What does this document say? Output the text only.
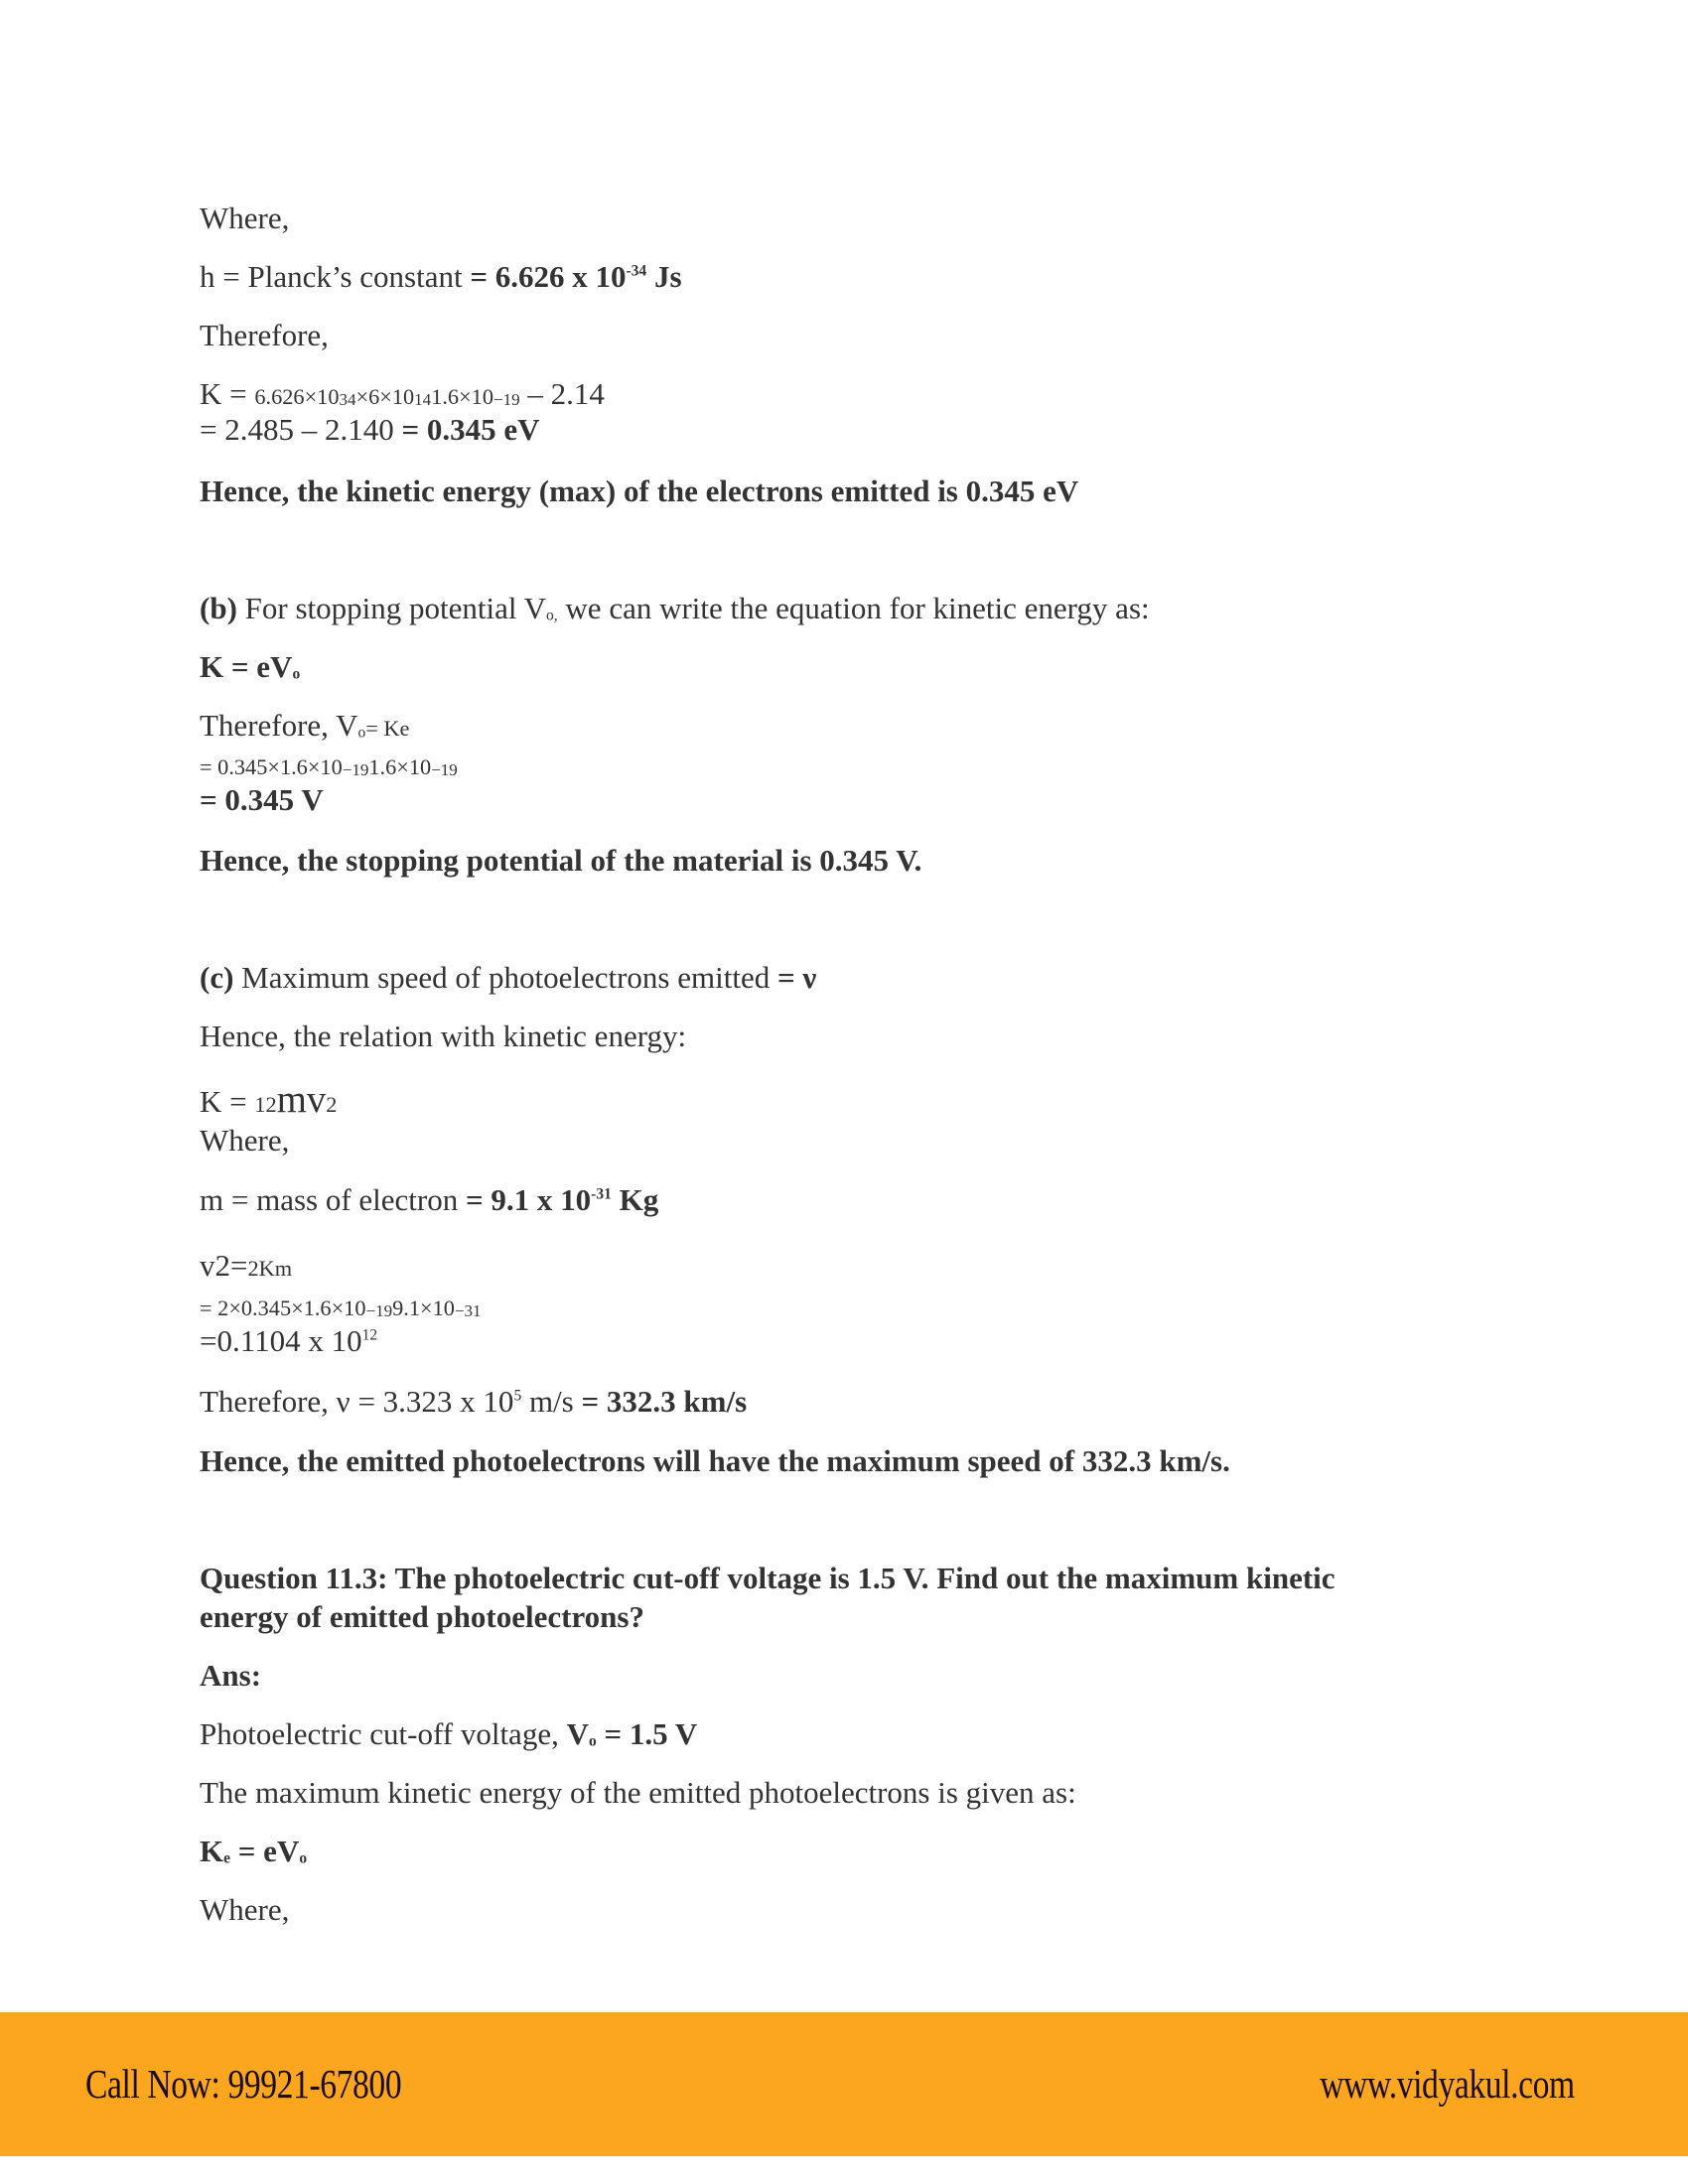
Where,
h = Planck’s constant = 6.626 x $10^{-34}$ Js
Therefore,
K = 6.626×1034×6×10141.6×10−19 – 2.14
= 2.485 – 2.140 = 0.345 eV
Hence, the kinetic energy (max) of the electrons emitted is 0.345 eV
(b) For stopping potential $V_{o,}$ we can write the equation for kinetic energy as:
$K = eV_o$
Therefore, $V_o= Ke$
= 0.345×1.6×10−191.6×10−19
= 0.345 V
Hence, the stopping potential of the material is 0.345 V.
(c) Maximum speed of photoelectrons emitted = ν
Hence, the relation with kinetic energy:
K = 12mv2
Where,
m = mass of electron = 9.1 x $10^{-31}$ Kg
v2=2Km
= 2×0.345×1.6×10−199.1×10−31
=0.1104 x $10^{12}$
Therefore, ν = 3.323 x $10^5$ m/s = 332.3 km/s
Hence, the emitted photoelectrons will have the maximum speed of 332.3 km/s.
Question 11.3: The photoelectric cut-off voltage is 1.5 V. Find out the maximum kinetic
energy of emitted photoelectrons?
Ans:
Photoelectric cut-off voltage, $V_o = 1.5$ V
The maximum kinetic energy of the emitted photoelectrons is given as:
$K_e = eV_o$
Where,
Call Now: 99921-67800	www.vidyakul.com
